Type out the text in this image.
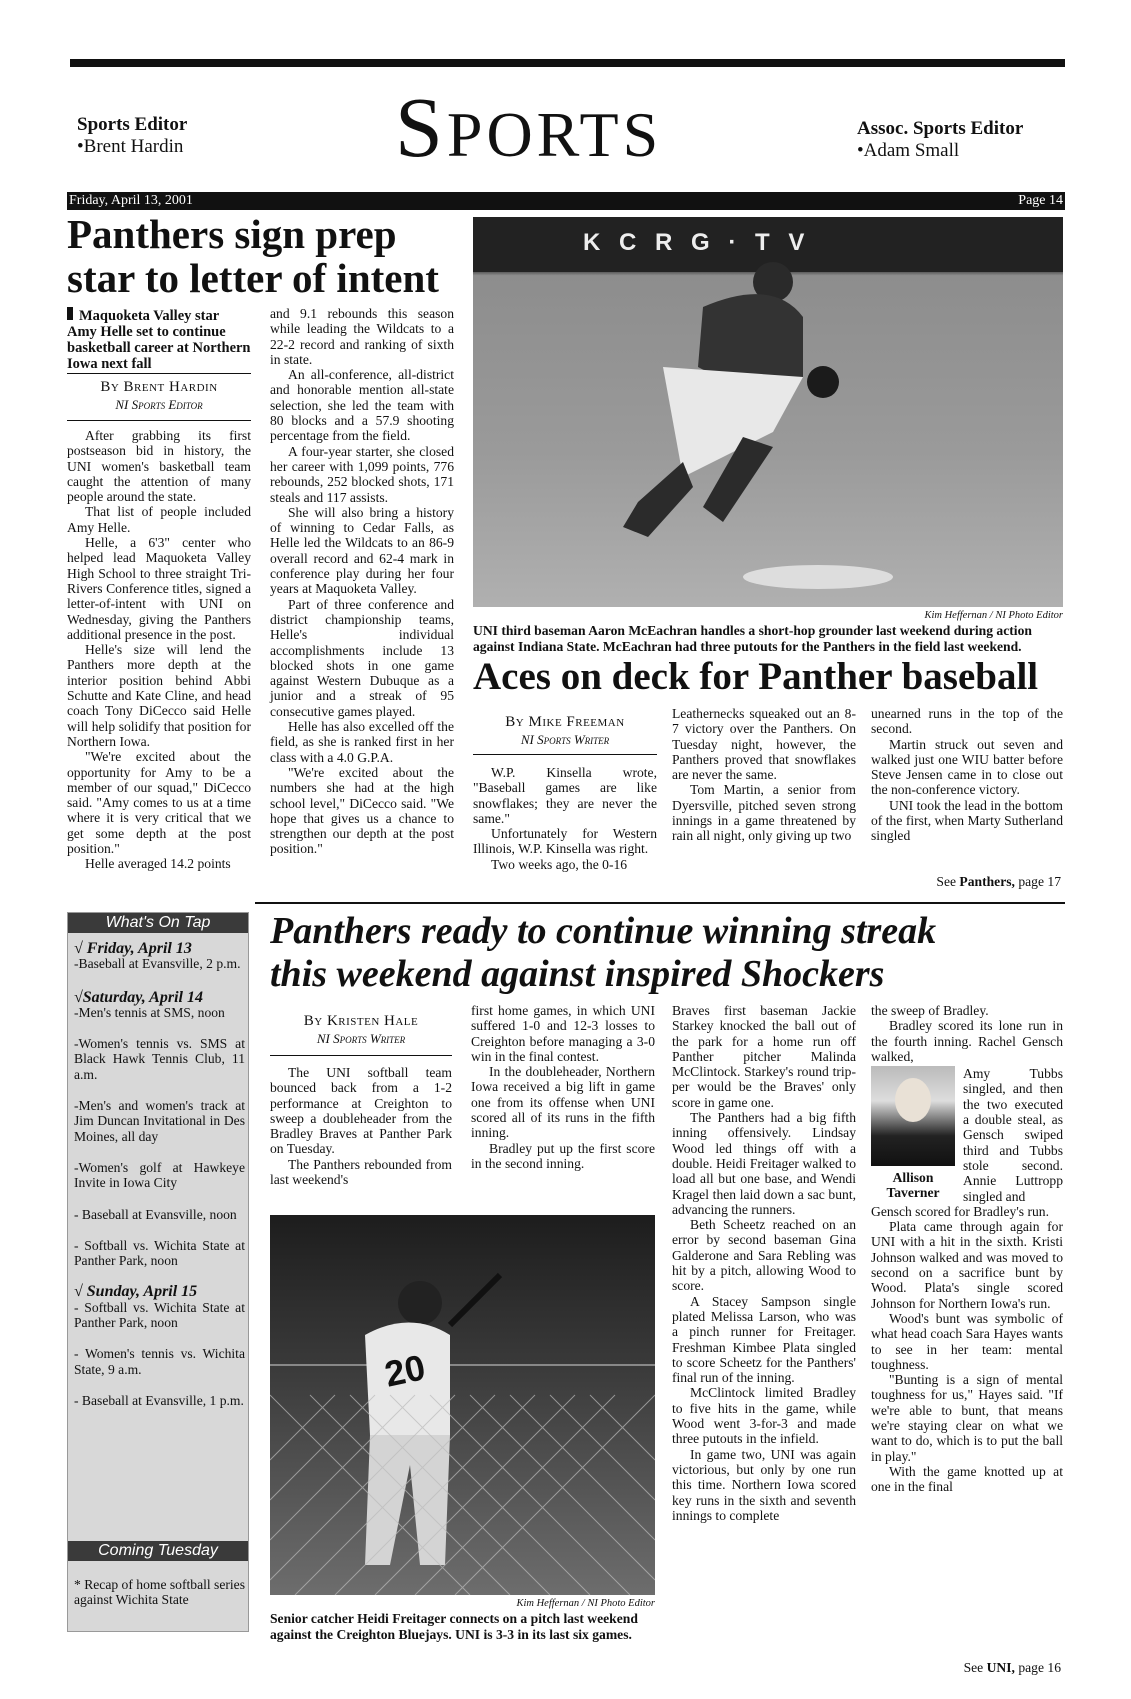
Sports Editor
•Brent Hardin SPORTS	Assoc. Sports Editor
•Adam Small
Friday, April 13, 2001	Page 14
Panthers sign prep star to letter of intent
Maquoketa Valley star Amy Helle set to continue basketball career at Northern Iowa next fall
By Brent Hardin
NI Sports Editor

After grabbing its first postseason bid in history, the UNI women's basketball team caught the attention of many people around the state.

That list of people included Amy Helle.

Helle, a 6'3" center who helped lead Maquoketa Valley High School to three straight Tri-Rivers Conference titles, signed a letter-of-intent with UNI on Wednesday, giving the Panthers additional presence in the post.

Helle's size will lend the Panthers more depth at the interior position behind Abbi Schutte and Kate Cline, and head coach Tony DiCecco said Helle will help solidify that position for Northern Iowa.

"We're excited about the opportunity for Amy to be a member of our squad," DiCecco said. "Amy comes to us at a time where it is very critical that we get some depth at the post position."

Helle averaged 14.2 points

and 9.1 rebounds this season while leading the Wildcats to a 22-2 record and ranking of sixth in state.

An all-conference, all-district and honorable mention all-state selection, she led the team with 80 blocks and a 57.9 shooting percentage from the field.

A four-year starter, she closed her career with 1,099 points, 776 rebounds, 252 blocked shots, 171 steals and 117 assists.

She will also bring a history of winning to Cedar Falls, as Helle led the Wildcats to an 86-9 overall record and 62-4 mark in conference play during her four years at Maquoketa Valley.

Part of three conference and district championship teams, Helle's individual accomplishments include 13 blocked shots in one game against Western Dubuque as a junior and a streak of 95 consecutive games played.

Helle has also excelled off the field, as she is ranked first in her class with a 4.0 G.P.A.

"We're excited about the numbers she had at the high school level," DiCecco said. "We hope that gives us a chance to strengthen our depth at the post position."

K C R G · T V
Kim Heffernan / NI Photo Editor
UNI third baseman Aaron McEachran handles a short-hop grounder last weekend during action against Indiana State. McEachran had three putouts for the Panthers in the field last weekend.
Aces on deck for Panther baseball
By Mike Freeman
NI Sports Writer

W.P. Kinsella wrote, "Baseball games are like snowflakes; they are never the same."

Unfortunately for Western Illinois, W.P. Kinsella was right.

Two weeks ago, the 0-16

Leathernecks squeaked out an 8-7 victory over the Panthers. On Tuesday night, however, the Panthers proved that snowflakes are never the same.

Tom Martin, a senior from Dyersville, pitched seven strong innings in a game threatened by rain all night, only giving up two

unearned runs in the top of the second.

Martin struck out seven and walked just one WIU batter before Steve Jensen came in to close out the non-conference victory.

UNI took the lead in the bottom of the first, when Marty Sutherland singled

See Panthers, page 17
What's On Tap
√ Friday, April 13
-Baseball at Evansville, 2 p.m.
√Saturday, April 14
-Men's tennis at SMS, noon
-Women's tennis vs. SMS at Black Hawk Tennis Club, 11 a.m.
-Men's and women's track at Jim Duncan Invitational in Des Moines, all day
-Women's golf at Hawkeye Invite in Iowa City
- Baseball at Evansville, noon
- Softball vs. Wichita State at Panther Park, noon
√ Sunday, April 15
- Softball vs. Wichita State at Panther Park, noon
- Women's tennis vs. Wichita State, 9 a.m.
- Baseball at Evansville, 1 p.m.
Coming Tuesday
* Recap of home softball series against Wichita State
Panthers ready to continue winning streak
this weekend against inspired Shockers
By Kristen Hale
NI Sports Writer

The UNI softball team bounced back from a 1-2 performance at Creighton to sweep a doubleheader from the Bradley Braves at Panther Park on Tuesday.

The Panthers rebounded from last weekend's

first home games, in which UNI suffered 1-0 and 12-3 losses to Creighton before managing a 3-0 win in the final contest.

In the doubleheader, Northern Iowa received a big lift in game one from its offense when UNI scored all of its runs in the fifth inning.

Bradley put up the first score in the second inning.

20
Kim Heffernan / NI Photo Editor
Senior catcher Heidi Freitager connects on a pitch last weekend against the Creighton Bluejays. UNI is 3-3 in its last six games.

Braves first baseman Jackie Starkey knocked the ball out of the park for a home run off Panther pitcher Malinda McClintock. Starkey's round trip-per would be the Braves' only score in game one.

The Panthers had a big fifth inning offensively. Lindsay Wood led things off with a double. Heidi Freitager walked to load all but one base, and Wendi Kragel then laid down a sac bunt, advancing the runners.

Beth Scheetz reached on an error by second baseman Gina Galderone and Sara Rebling was hit by a pitch, allowing Wood to score.

A Stacey Sampson single plated Melissa Larson, who was a pinch runner for Freitager. Freshman Kimbee Plata singled to score Scheetz for the Panthers' final run of the inning.

McClintock limited Bradley to five hits in the game, while Wood went 3-for-3 and made three putouts in the infield.

In game two, UNI was again victorious, but only by one run this time. Northern Iowa scored key runs in the sixth and seventh innings to complete

the sweep of Bradley.

Bradley scored its lone run in the fourth inning. Rachel Gensch walked,

Allison Taverner
Amy Tubbs singled, and then the two executed a double steal, as Gensch swiped third and Tubbs stole second. Annie Luttropp singled and

Gensch scored for Bradley's run.

Plata came through again for UNI with a hit in the sixth. Kristi Johnson walked and was moved to second on a sacrifice bunt by Wood. Plata's single scored Johnson for Northern Iowa's run.

Wood's bunt was symbolic of what head coach Sara Hayes wants to see in her team: mental toughness.

"Bunting is a sign of mental toughness for us," Hayes said. "If we're able to bunt, that means we're staying clear on what we want to do, which is to put the ball in play."

With the game knotted up at one in the final

See UNI, page 16
